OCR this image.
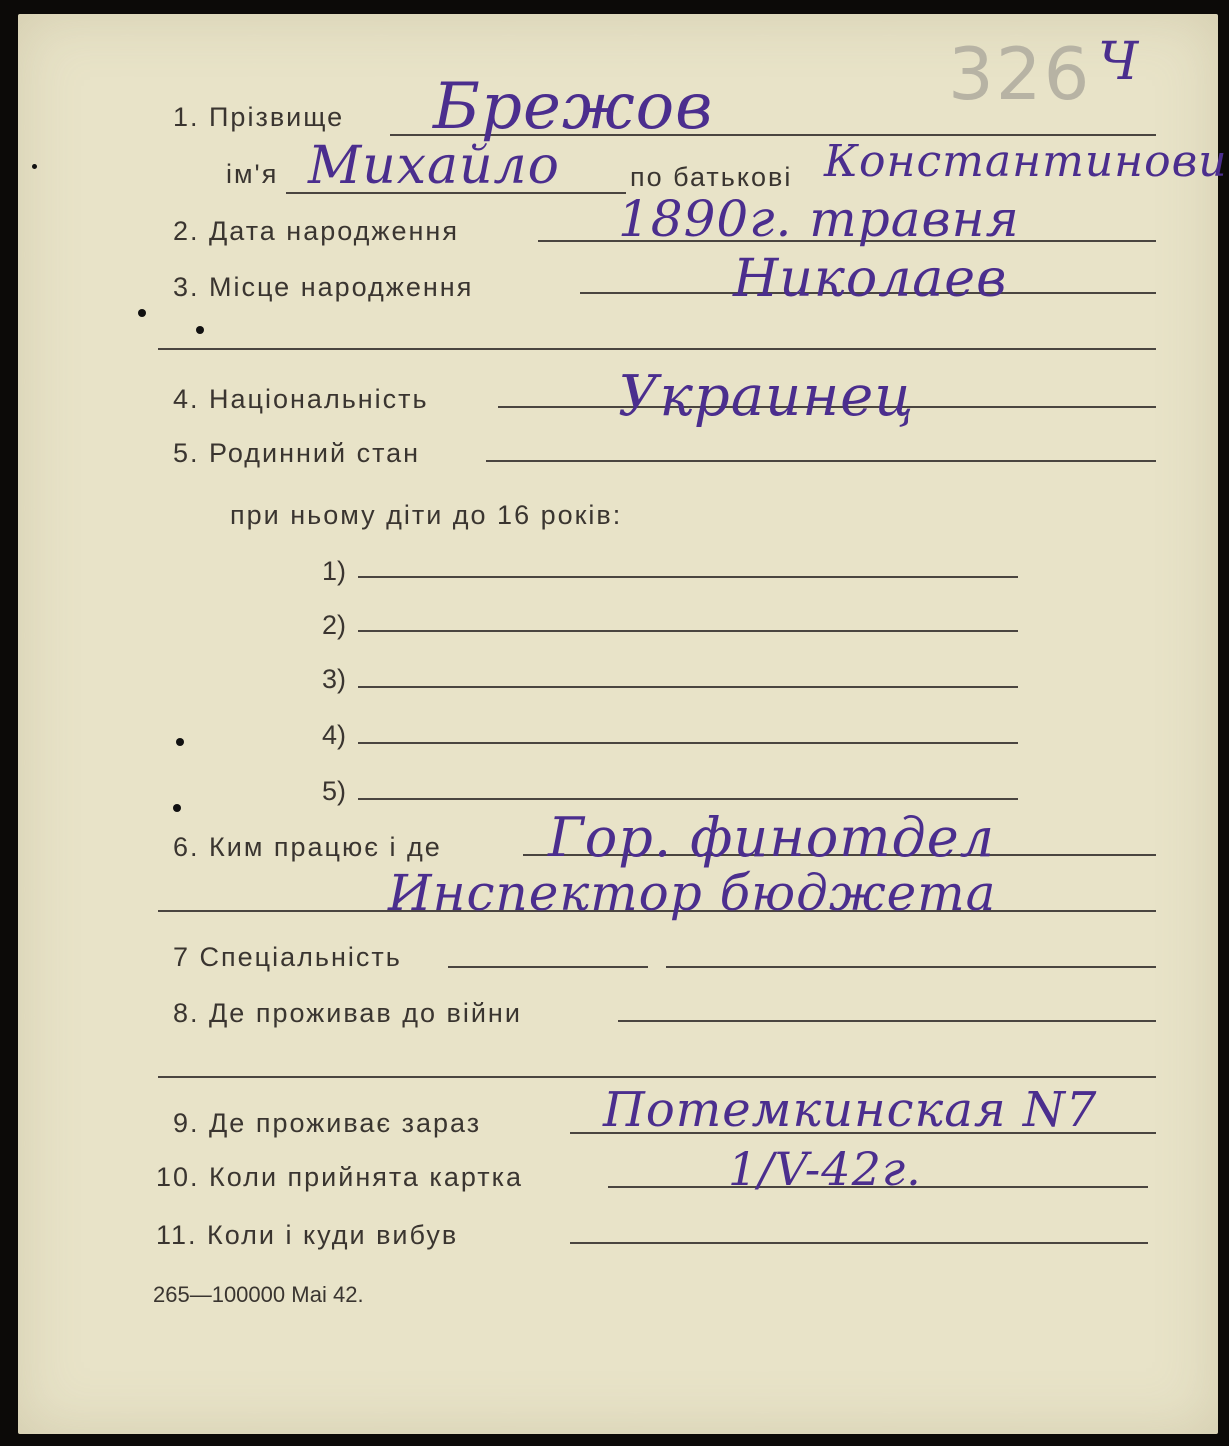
326 Ч
1. Прізвище Брежов
ім'я Михайло	по батькові Константинови
2. Дата народження	1890г. травня
3. Місце народження	Николаев
4. Національність	Украинец
5. Родинний стан
при ньому діти до 16 років:
1)
2)
3)
4)
5)
6. Ким працює і де Гор. финотдел
Инспектор бюджета
7 Спеціальність
8. Де проживав до війни
9. Де проживає зараз	Потемкинская N7
10. Коли прийнята картка	1/V-42г.
11. Коли і куди вибув
265—100000 Маі 42.
